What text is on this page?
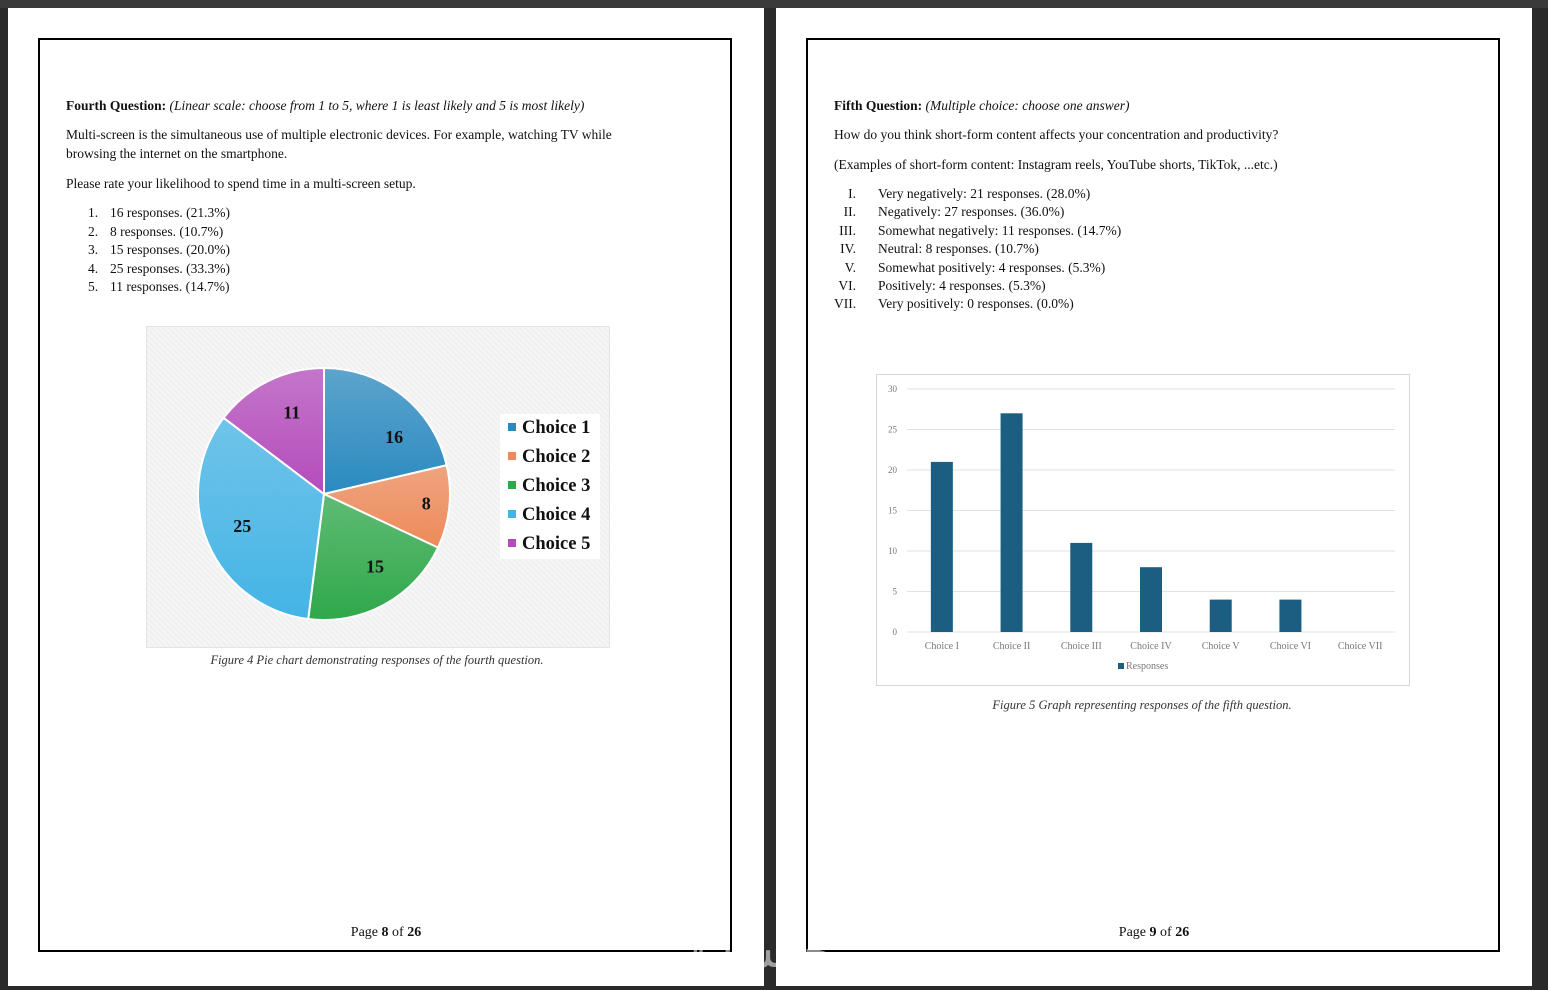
Fourth Question: (Linear scale: choose from 1 to 5, where 1 is least likely and 5 is most likely)

Multi-screen is the simultaneous use of multiple electronic devices. For example, watching TV while browsing the internet on the smartphone.

Please rate your likelihood to spend time in a multi-screen setup.

1. 16 responses. (21.3%)
2. 8 responses. (10.7%)
3. 15 responses. (20.0%)
4. 25 responses. (33.3%)
5. 11 responses. (14.7%)
16
8
15
25
11
Choice 1
Choice 2
Choice 3
Choice 4
Choice 5
Figure 4 Pie chart demonstrating responses of the fourth question.
Page 8 of 26

Fifth Question: (Multiple choice: choose one answer)

How do you think short-form content affects your concentration and productivity?

(Examples of short-form content: Instagram reels, YouTube shorts, TikTok, ...etc.)

I. Very negatively: 21 responses. (28.0%)
II. Negatively: 27 responses. (36.0%)
III. Somewhat negatively: 11 responses. (14.7%)
IV. Neutral: 8 responses. (10.7%)
V. Somewhat positively: 4 responses. (5.3%)
VI. Positively: 4 responses. (5.3%)
VII. Very positively: 0 responses. (0.0%)
0
5
10
15
20
25
30
Choice I	Choice II	Choice III	Choice IV	Choice V	Choice VI	Choice VII
Responses
Figure 5 Graph representing responses of the fifth question.
Page 9 of 26
خمسات
